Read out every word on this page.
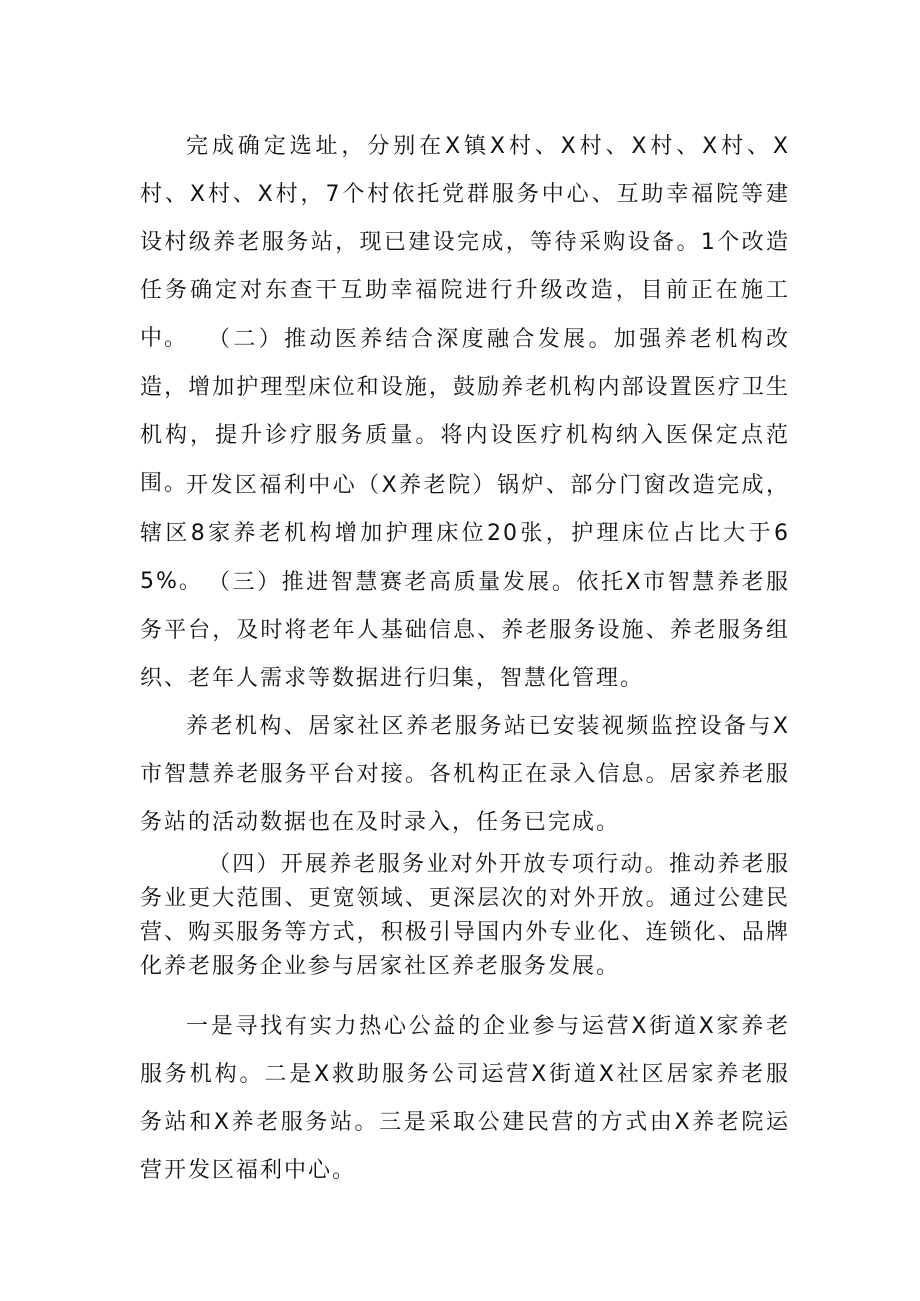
完成确定选址，分别在X镇X村、X村、X村、X村、X村、X村、X村，7个村依托党群服务中心、互助幸福院等建设村级养老服务站，现已建设完成，等待采购设备。1个改造任务确定对东查干互助幸福院进行升级改造，目前正在施工中。 （二）推动医养结合深度融合发展。加强养老机构改造，增加护理型床位和设施，鼓励养老机构内部设置医疗卫生机构，提升诊疗服务质量。将内设医疗机构纳入医保定点范围。

开发区福利中心（X养老院）锅炉、部分门窗改造完成，辖区8家养老机构增加护理床位20张，护理床位占比大于65%。 （三）推进智慧赛老高质量发展。依托X市智慧养老服务平台，及时将老年人基础信息、养老服务设施、养老服务组织、老年人需求等数据进行归集，智慧化管理。

养老机构、居家社区养老服务站已安装视频监控设备与X市智慧养老服务平台对接。各机构正在录入信息。居家养老服务站的活动数据也在及时录入，任务已完成。

（四）开展养老服务业对外开放专项行动。推动养老服务业更大范围、更宽领域、更深层次的对外开放。通过公建民营、购买服务等方式，积极引导国内外专业化、连锁化、品牌化养老服务企业参与居家社区养老服务发展。

一是寻找有实力热心公益的企业参与运营X街道X家养老服务机构。二是X救助服务公司运营X街道X社区居家养老服务站和X养老服务站。三是采取公建民营的方式由X养老院运营开发区福利中心。
